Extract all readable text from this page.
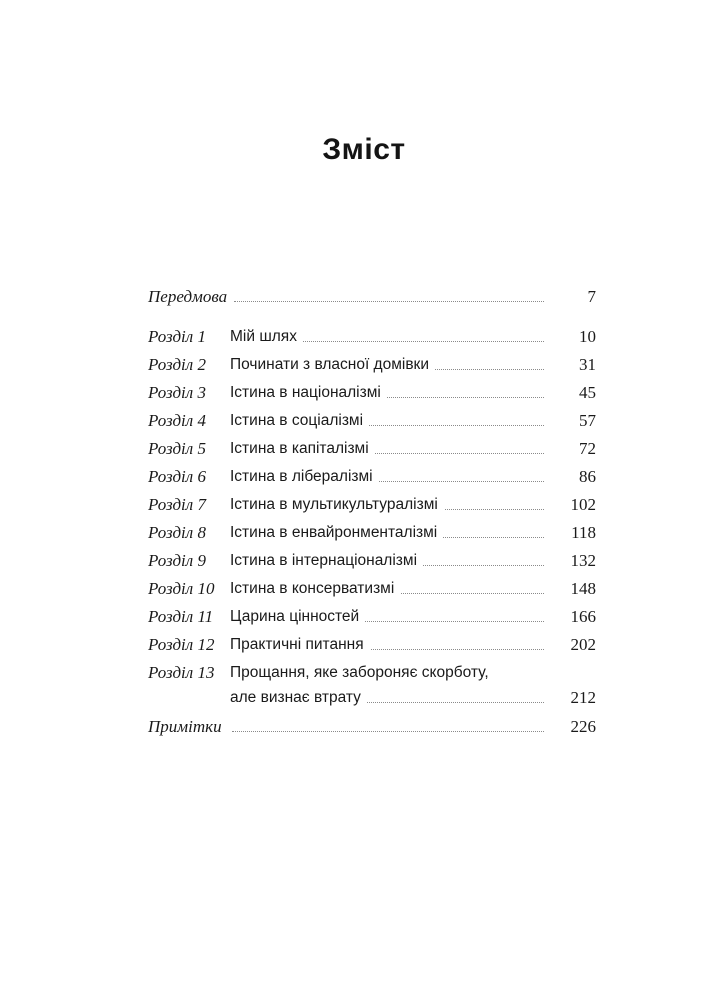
Зміст
Передмова	7
Розділ 1 Мій шлях	10
Розділ 2 Починати з власної домівки	31
Розділ 3 Істина в націоналізмі	45
Розділ 4 Істина в соціалізмі	57
Розділ 5 Істина в капіталізмі	72
Розділ 6 Істина в лібералізмі	86
Розділ 7 Істина в мультикультуралізмі	102
Розділ 8 Істина в енвайронменталізмі	118
Розділ 9 Істина в інтернаціоналізмі	132
Розділ 10 Істина в консерватизмі	148
Розділ 11 Царина цінностей	166
Розділ 12 Практичні питання	202
Розділ 13 Прощання, яке забороняє скорботу,
але визнає втрату	212
Примітки	226
